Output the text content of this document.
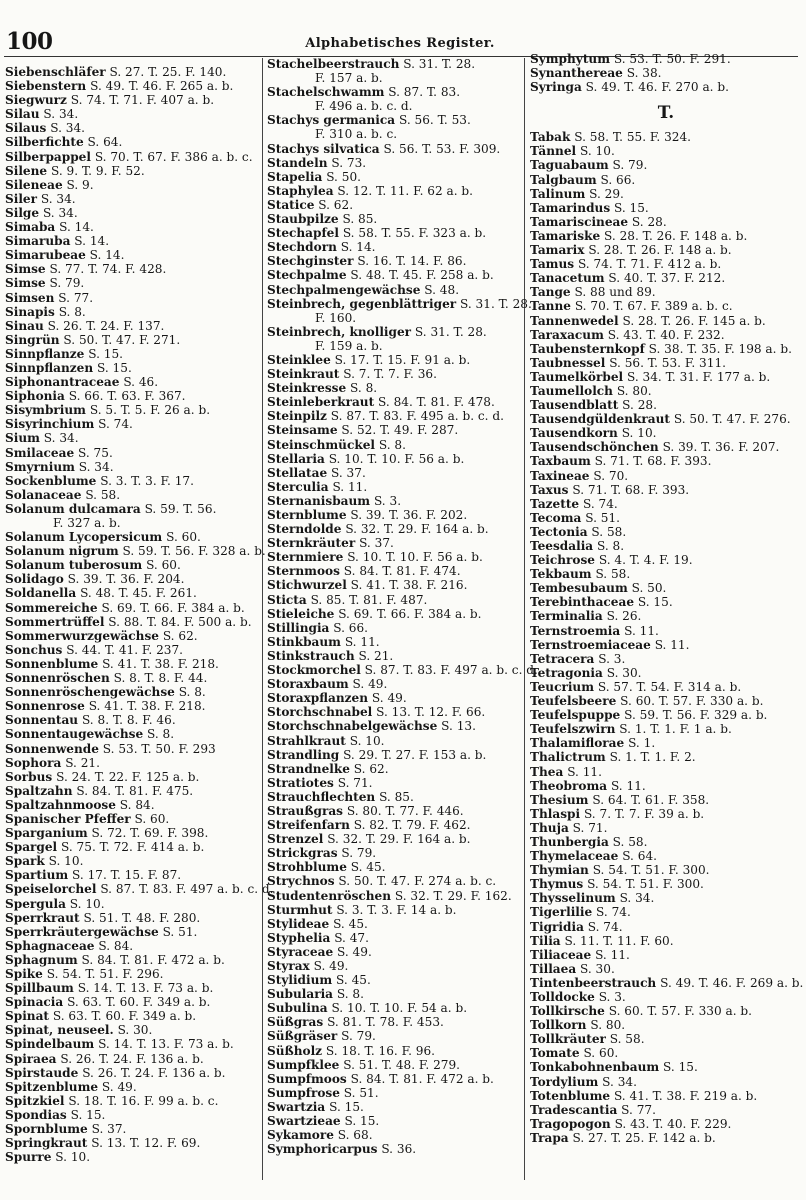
100	Alphabetisches Register.
Siebenschläfer S. 27. T. 25. F. 140.
Siebenstern S. 49. T. 46. F. 265 a. b.
Siegwurz S. 74. T. 71. F. 407 a. b.
Silau S. 34.
Silaus S. 34.
Silberfichte S. 64.
Silberpappel S. 70. T. 67. F. 386 a. b. c.
Silene S. 9. T. 9. F. 52.
Sileneae S. 9.
Siler S. 34.
Silge S. 34.
Simaba S. 14.
Simaruba S. 14.
Simarubeae S. 14.
Simse S. 77. T. 74. F. 428.
Simse S. 79.
Simsen S. 77.
Sinapis S. 8.
Sinau S. 26. T. 24. F. 137.
Singrün S. 50. T. 47. F. 271.
Sinnpflanze S. 15.
Sinnpflanzen S. 15.
Siphonantraceae S. 46.
Siphonia S. 66. T. 63. F. 367.
Sisymbrium S. 5. T. 5. F. 26 a. b.
Sisyrinchium S. 74.
Sium S. 34.
Smilaceae S. 75.
Smyrnium S. 34.
Sockenblume S. 3. T. 3. F. 17.
Solanaceae S. 58.
Solanum dulcamara S. 59. T. 56.
F. 327 a. b.
Solanum Lycopersicum S. 60.
Solanum nigrum S. 59. T. 56. F. 328 a. b.
Solanum tuberosum S. 60.
Solidago S. 39. T. 36. F. 204.
Soldanella S. 48. T. 45. F. 261.
Sommereiche S. 69. T. 66. F. 384 a. b.
Sommertrüffel S. 88. T. 84. F. 500 a. b.
Sommerwurzgewächse S. 62.
Sonchus S. 44. T. 41. F. 237.
Sonnenblume S. 41. T. 38. F. 218.
Sonnenröschen S. 8. T. 8. F. 44.
Sonnenröschengewächse S. 8.
Sonnenrose S. 41. T. 38. F. 218.
Sonnentau S. 8. T. 8. F. 46.
Sonnentaugewächse S. 8.
Sonnenwende S. 53. T. 50. F. 293
Sophora S. 21.
Sorbus S. 24. T. 22. F. 125 a. b.
Spaltzahn S. 84. T. 81. F. 475.
Spaltzahnmoose S. 84.
Spanischer Pfeffer S. 60.
Sparganium S. 72. T. 69. F. 398.
Spargel S. 75. T. 72. F. 414 a. b.
Spark S. 10.
Spartium S. 17. T. 15. F. 87.
Speiselorchel S. 87. T. 83. F. 497 a. b. c. d.
Spergula S. 10.
Sperrkraut S. 51. T. 48. F. 280.
Sperrkräutergewächse S. 51.
Sphagnaceae S. 84.
Sphagnum S. 84. T. 81. F. 472 a. b.
Spike S. 54. T. 51. F. 296.
Spillbaum S. 14. T. 13. F. 73 a. b.
Spinacia S. 63. T. 60. F. 349 a. b.
Spinat S. 63. T. 60. F. 349 a. b.
Spinat, neuseel. S. 30.
Spindelbaum S. 14. T. 13. F. 73 a. b.
Spiraea S. 26. T. 24. F. 136 a. b.
Spirstaude S. 26. T. 24. F. 136 a. b.
Spitzenblume S. 49.
Spitzkiel S. 18. T. 16. F. 99 a. b. c.
Spondias S. 15.
Spornblume S. 37.
Springkraut S. 13. T. 12. F. 69.
Spurre S. 10.
Stachelbeerstrauch S. 31. T. 28.
F. 157 a. b.
Stachelschwamm S. 87. T. 83.
F. 496 a. b. c. d.
Stachys germanica S. 56. T. 53.
F. 310 a. b. c.
Stachys silvatica S. 56. T. 53. F. 309.
Standeln S. 73.
Stapelia S. 50.
Staphylea S. 12. T. 11. F. 62 a. b.
Statice S. 62.
Staubpilze S. 85.
Stechapfel S. 58. T. 55. F. 323 a. b.
Stechdorn S. 14.
Stechginster S. 16. T. 14. F. 86.
Stechpalme S. 48. T. 45. F. 258 a. b.
Stechpalmengewächse S. 48.
Steinbrech, gegenblättriger S. 31. T. 28.
F. 160.
Steinbrech, knolliger S. 31. T. 28.
F. 159 a. b.
Steinklee S. 17. T. 15. F. 91 a. b.
Steinkraut S. 7. T. 7. F. 36.
Steinkresse S. 8.
Steinleberkraut S. 84. T. 81. F. 478.
Steinpilz S. 87. T. 83. F. 495 a. b. c. d.
Steinsame S. 52. T. 49. F. 287.
Steinschmückel S. 8.
Stellaria S. 10. T. 10. F. 56 a. b.
Stellatae S. 37.
Sterculia S. 11.
Sternanisbaum S. 3.
Sternblume S. 39. T. 36. F. 202.
Sterndolde S. 32. T. 29. F. 164 a. b.
Sternkräuter S. 37.
Sternmiere S. 10. T. 10. F. 56 a. b.
Sternmoos S. 84. T. 81. F. 474.
Stichwurzel S. 41. T. 38. F. 216.
Sticta S. 85. T. 81. F. 487.
Stieleiche S. 69. T. 66. F. 384 a. b.
Stillingia S. 66.
Stinkbaum S. 11.
Stinkstrauch S. 21.
Stockmorchel S. 87. T. 83. F. 497 a. b. c. d.
Storaxbaum S. 49.
Storaxpflanzen S. 49.
Storchschnabel S. 13. T. 12. F. 66.
Storchschnabelgewächse S. 13.
Strahlkraut S. 10.
Strandling S. 29. T. 27. F. 153 a. b.
Strandnelke S. 62.
Stratiotes S. 71.
Strauchflechten S. 85.
Straußgras S. 80. T. 77. F. 446.
Streifenfarn S. 82. T. 79. F. 462.
Strenzel S. 32. T. 29. F. 164 a. b.
Strickgras S. 79.
Strohblume S. 45.
Strychnos S. 50. T. 47. F. 274 a. b. c.
Studentenröschen S. 32. T. 29. F. 162.
Sturmhut S. 3. T. 3. F. 14 a. b.
Stylideae S. 45.
Styphelia S. 47.
Styraceae S. 49.
Styrax S. 49.
Stylidium S. 45.
Subularia S. 8.
Subulina S. 10. T. 10. F. 54 a. b.
Süßgras S. 81. T. 78. F. 453.
Süßgräser S. 79.
Süßholz S. 18. T. 16. F. 96.
Sumpfklee S. 51. T. 48. F. 279.
Sumpfmoos S. 84. T. 81. F. 472 a. b.
Sumpfrose S. 51.
Swartzia S. 15.
Swartzieae S. 15.
Sykamore S. 68.
Symphoricarpus S. 36.
Symphytum S. 53. T. 50. F. 291.
Synanthereae S. 38.
Syringa S. 49. T. 46. F. 270 a. b.
T.
Tabak S. 58. T. 55. F. 324.
Tännel S. 10.
Taguabaum S. 79.
Talgbaum S. 66.
Talinum S. 29.
Tamarindus S. 15.
Tamariscineae S. 28.
Tamariske S. 28. T. 26. F. 148 a. b.
Tamarix S. 28. T. 26. F. 148 a. b.
Tamus S. 74. T. 71. F. 412 a. b.
Tanacetum S. 40. T. 37. F. 212.
Tange S. 88 und 89.
Tanne S. 70. T. 67. F. 389 a. b. c.
Tannenwedel S. 28. T. 26. F. 145 a. b.
Taraxacum S. 43. T. 40. F. 232.
Taubensternkopf S. 38. T. 35. F. 198 a. b.
Taubnessel S. 56. T. 53. F. 311.
Taumelkörbel S. 34. T. 31. F. 177 a. b.
Taumellolch S. 80.
Tausendblatt S. 28.
Tausendgüldenkraut S. 50. T. 47. F. 276.
Tausendkorn S. 10.
Tausendschönchen S. 39. T. 36. F. 207.
Taxbaum S. 71. T. 68. F. 393.
Taxineae S. 70.
Taxus S. 71. T. 68. F. 393.
Tazette S. 74.
Tecoma S. 51.
Tectonia S. 58.
Teesdalia S. 8.
Teichrose S. 4. T. 4. F. 19.
Tekbaum S. 58.
Tembesubaum S. 50.
Terebinthaceae S. 15.
Terminalia S. 26.
Ternstroemia S. 11.
Ternstroemiaceae S. 11.
Tetracera S. 3.
Tetragonia S. 30.
Teucrium S. 57. T. 54. F. 314 a. b.
Teufelsbeere S. 60. T. 57. F. 330 a. b.
Teufelspuppe S. 59. T. 56. F. 329 a. b.
Teufelszwirn S. 1. T. 1. F. 1 a. b.
Thalamiflorae S. 1.
Thalictrum S. 1. T. 1. F. 2.
Thea S. 11.
Theobroma S. 11.
Thesium S. 64. T. 61. F. 358.
Thlaspi S. 7. T. 7. F. 39 a. b.
Thuja S. 71.
Thunbergia S. 58.
Thymelaceae S. 64.
Thymian S. 54. T. 51. F. 300.
Thymus S. 54. T. 51. F. 300.
Thysselinum S. 34.
Tigerlilie S. 74.
Tigridia S. 74.
Tilia S. 11. T. 11. F. 60.
Tiliaceae S. 11.
Tillaea S. 30.
Tintenbeerstrauch S. 49. T. 46. F. 269 a. b.
Tolldocke S. 3.
Tollkirsche S. 60. T. 57. F. 330 a. b.
Tollkorn S. 80.
Tollkräuter S. 58.
Tomate S. 60.
Tonkabohnenbaum S. 15.
Tordylium S. 34.
Totenblume S. 41. T. 38. F. 219 a. b.
Tradescantia S. 77.
Tragopogon S. 43. T. 40. F. 229.
Trapa S. 27. T. 25. F. 142 a. b.
